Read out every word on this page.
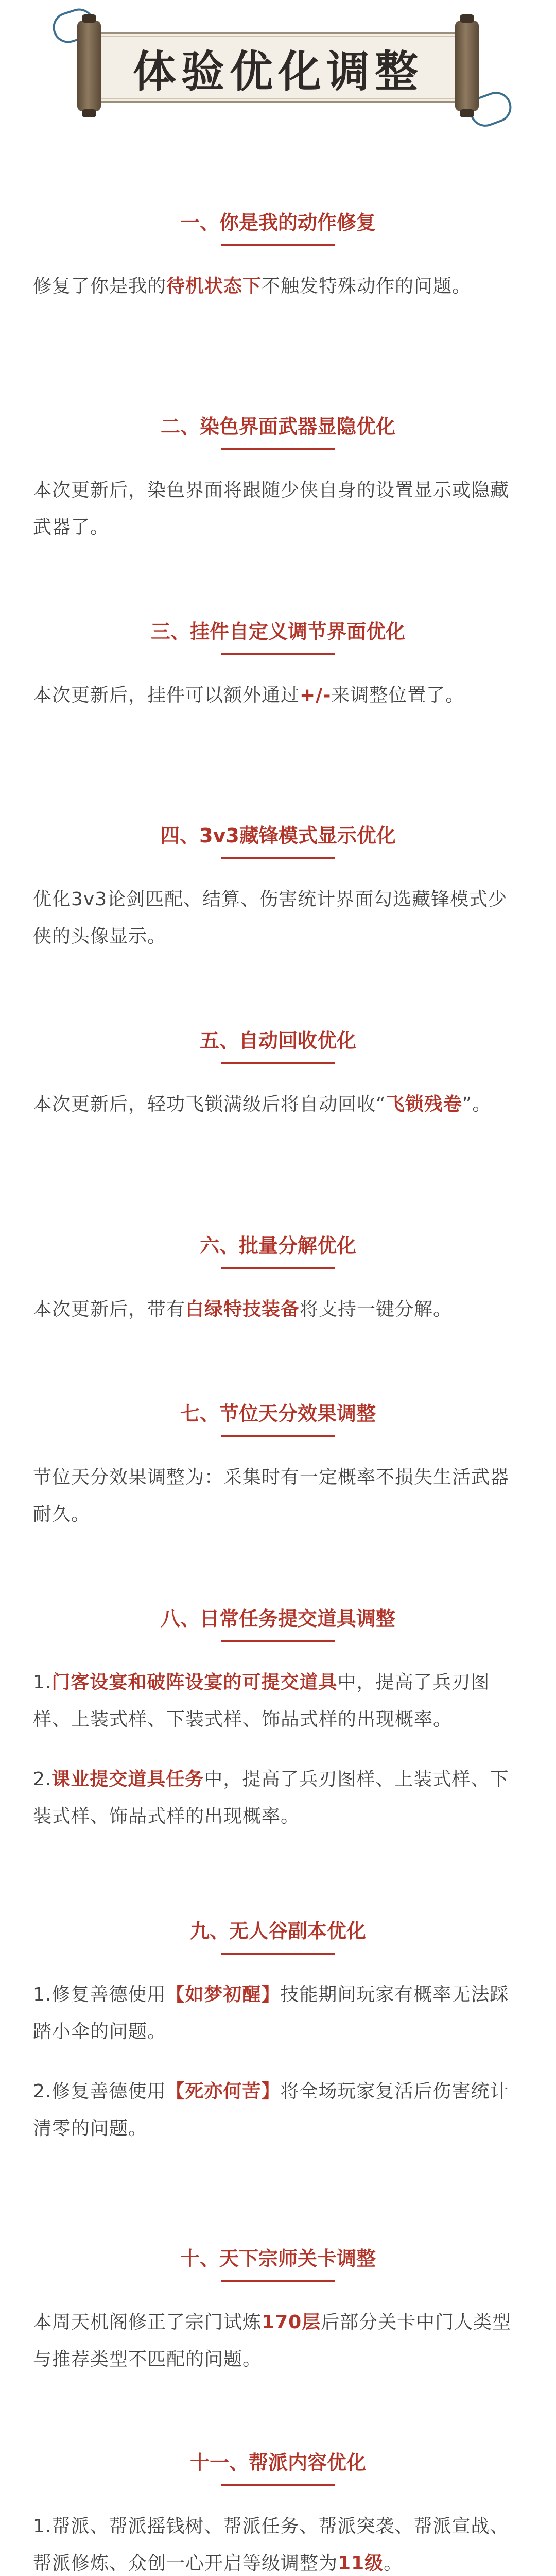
体验优化调整
一、你是我的动作修复
修复了你是我的待机状态下不触发特殊动作的问题。
二、染色界面武器显隐优化
本次更新后，染色界面将跟随少侠自身的设置显示或隐藏武器了。
三、挂件自定义调节界面优化
本次更新后，挂件可以额外通过+/-来调整位置了。
四、3v3藏锋模式显示优化
优化3v3论剑匹配、结算、伤害统计界面勾选藏锋模式少侠的头像显示。
五、自动回收优化
本次更新后，轻功飞锁满级后将自动回收“飞锁残卷”。
六、批量分解优化
本次更新后，带有白绿特技装备将支持一键分解。
七、节位天分效果调整
节位天分效果调整为：采集时有一定概率不损失生活武器耐久。
八、日常任务提交道具调整
1.门客设宴和破阵设宴的可提交道具中，提高了兵刃图样、上装式样、下装式样、饰品式样的出现概率。
2.课业提交道具任务中，提高了兵刃图样、上装式样、下装式样、饰品式样的出现概率。
九、无人谷副本优化
1.修复善德使用【如梦初醒】技能期间玩家有概率无法踩踏小伞的问题。
2.修复善德使用【死亦何苦】将全场玩家复活后伤害统计清零的问题。
十、天下宗师关卡调整
本周天机阁修正了宗门试炼170层后部分关卡中门人类型与推荐类型不匹配的问题。
十一、帮派内容优化
1.帮派、帮派摇钱树、帮派任务、帮派突袭、帮派宣战、帮派修炼、众创一心开启等级调整为11级。
